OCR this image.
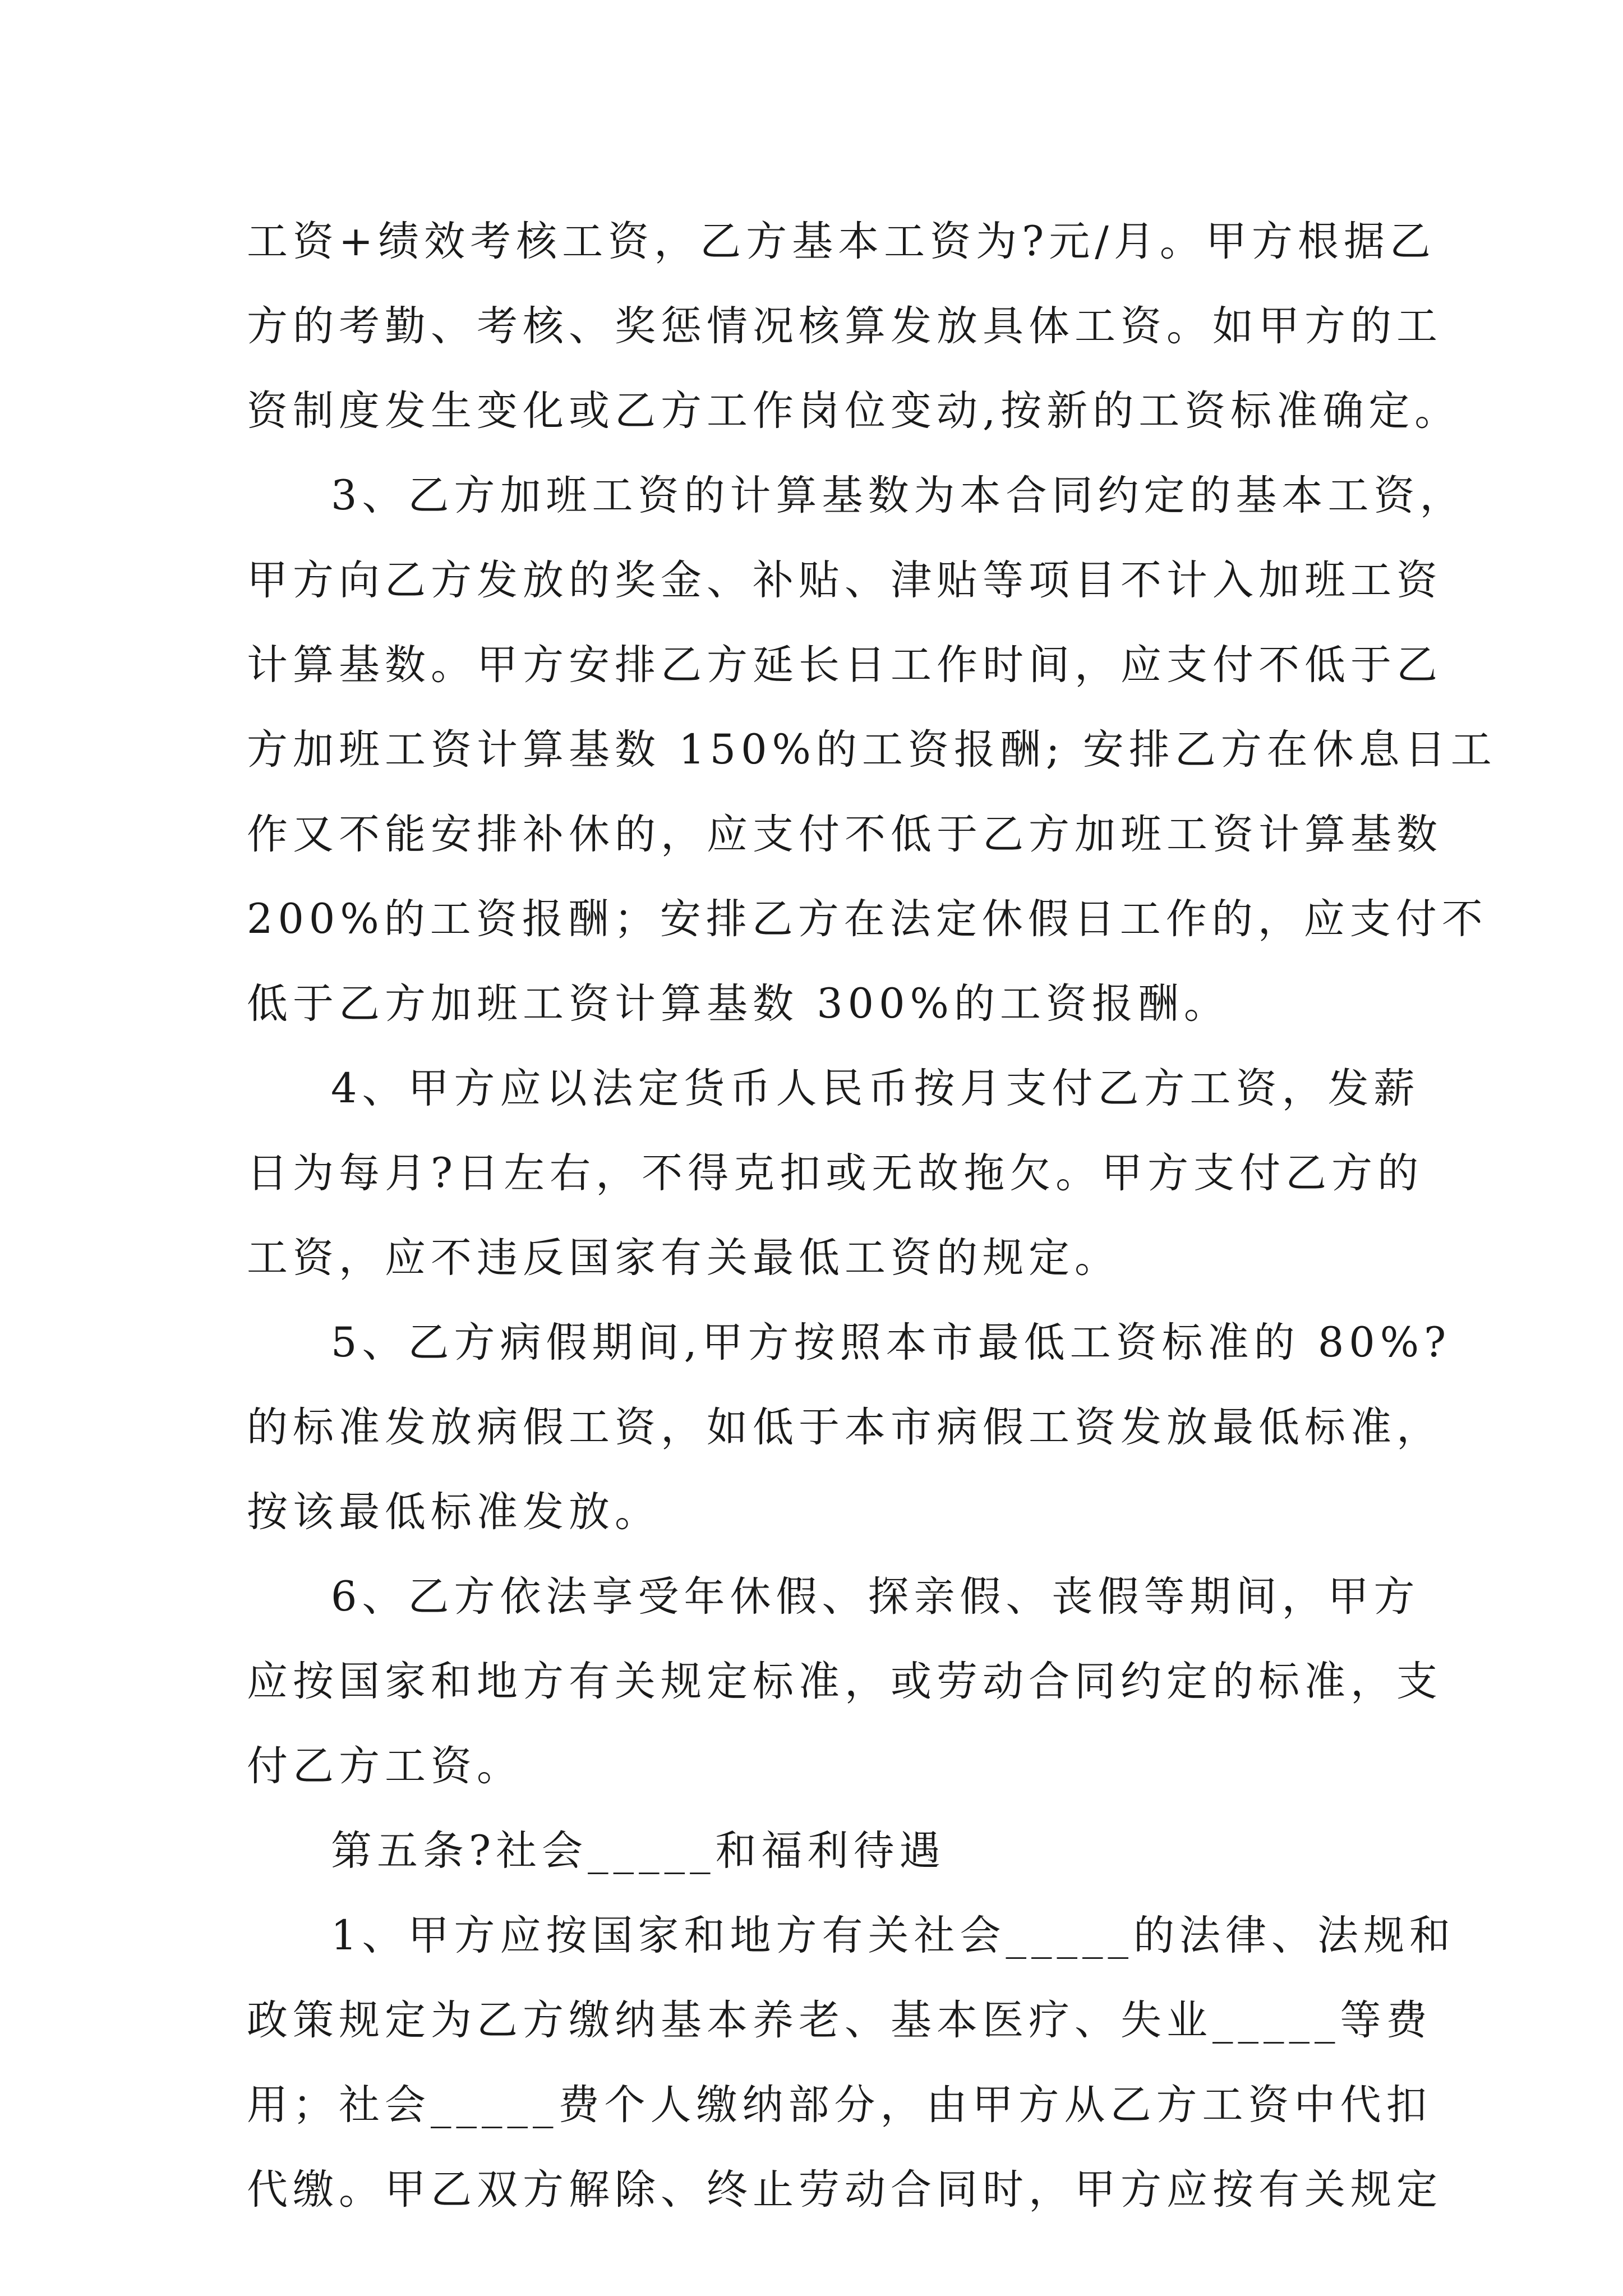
工资+绩效考核工资，乙方基本工资为?元/月。甲方根据乙
方的考勤、考核、奖惩情况核算发放具体工资。如甲方的工
资制度发生变化或乙方工作岗位变动,按新的工资标准确定。
3、乙方加班工资的计算基数为本合同约定的基本工资，
甲方向乙方发放的奖金、补贴、津贴等项目不计入加班工资
计算基数。甲方安排乙方延长日工作时间，应支付不低于乙
方加班工资计算基数 150%的工资报酬; 安排乙方在休息日工
作又不能安排补休的，应支付不低于乙方加班工资计算基数
200%的工资报酬；安排乙方在法定休假日工作的，应支付不
低于乙方加班工资计算基数 300%的工资报酬。
4、甲方应以法定货币人民币按月支付乙方工资，发薪
日为每月?日左右，不得克扣或无故拖欠。甲方支付乙方的
工资，应不违反国家有关最低工资的规定。
5、乙方病假期间,甲方按照本市最低工资标准的 80%?
的标准发放病假工资，如低于本市病假工资发放最低标准，
按该最低标准发放。
6、乙方依法享受年休假、探亲假、丧假等期间，甲方
应按国家和地方有关规定标准，或劳动合同约定的标准，支
付乙方工资。
第五条?社会_____和福利待遇
1、甲方应按国家和地方有关社会_____的法律、法规和
政策规定为乙方缴纳基本养老、基本医疗、失业_____等费
用；社会_____费个人缴纳部分，由甲方从乙方工资中代扣
代缴。甲乙双方解除、终止劳动合同时，甲方应按有关规定
